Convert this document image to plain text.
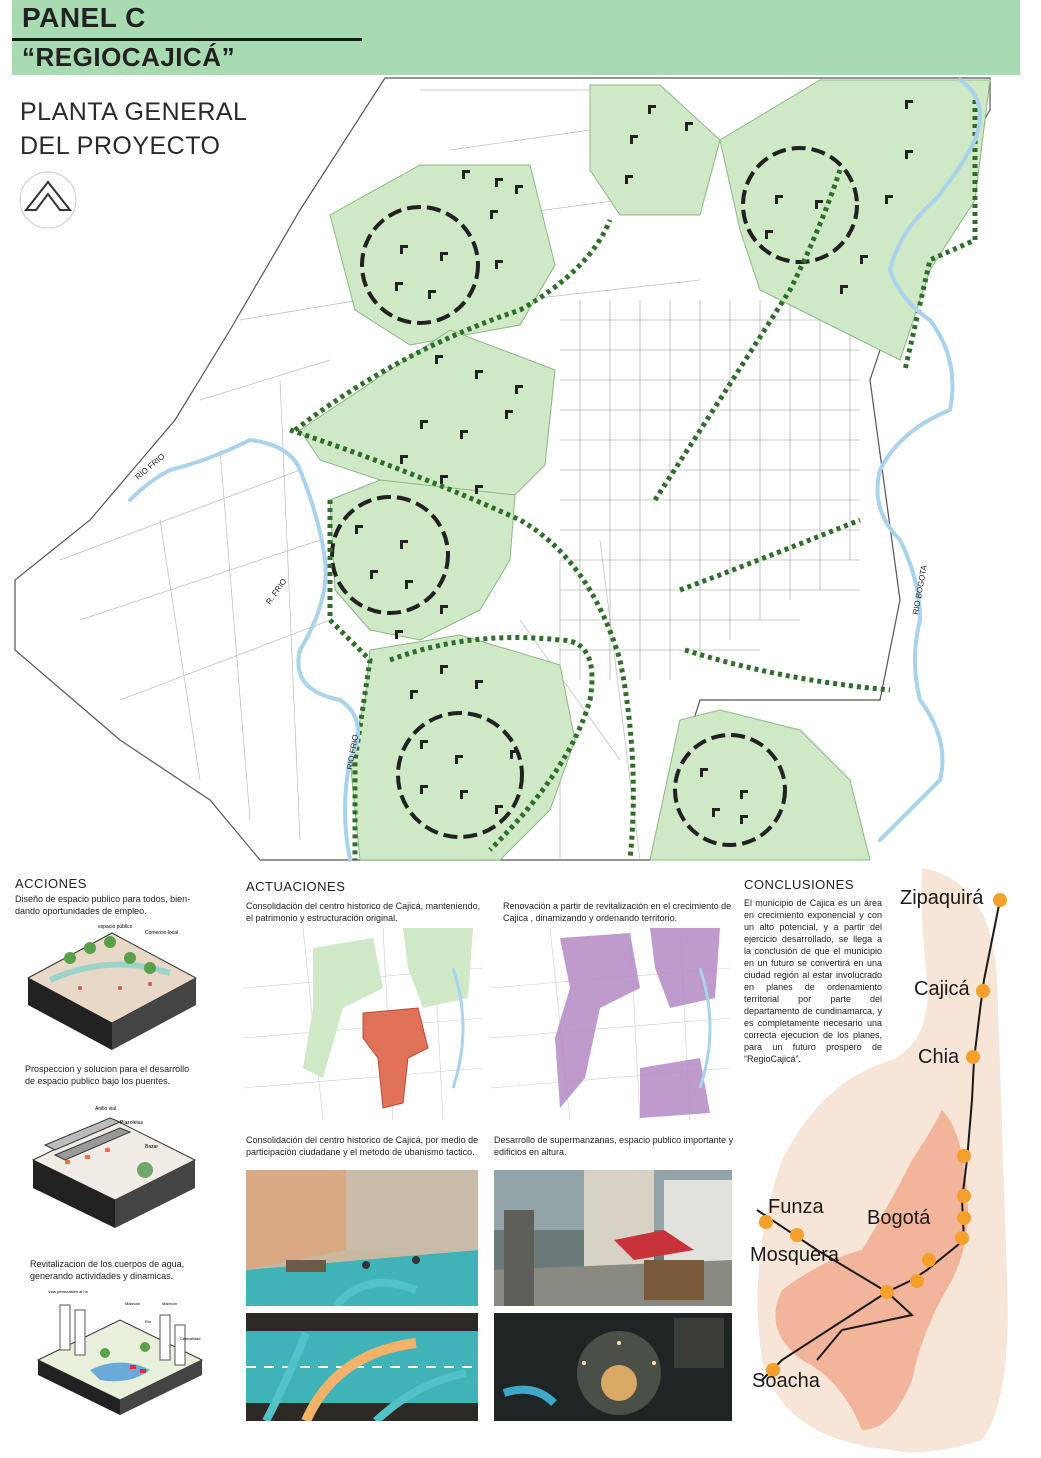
PANEL C
“REGIOCAJICÁ”
RIO FRIO
R. FRIO
RIO FRIO
RIO BOGOTA
PLANTA GENERAL
DEL PROYECTO
ACCIONES
Diseño de espacio publico para todos, bien-dando oportunidades de empleo.
espacio público
Comercio local
Prospeccion y solucion para el desarrollo de espacio publico bajo los puentes.
Anillo vial
Plazoletas
Bazar
Revitalizacion de los cuerpos de agua, generando actividades y dinamicas.
Vías permeables al río
Malecón
Río
Malecón
Centralidad
ACTUACIONES
Consolidación del centro historico de Cajicá, manteniendo, el patrimonio y estructuración original.
Renovación a partir de revitalización en el crecimiento de Cajica , dinamizando y ordenando territorio.
Consolidación del centro historico de Cajicá, por medio de participación ciudadane y el metodo de ubanismo tactico.
Desarrollo de supermanzanas, espacio publico importante y edificios en altura.
CONCLUSIONES
El municipio de Cajica es un área en crecimiento exponencial y con un alto potencial, y a partir del ejercicio desarrollado, se llega a la conclusión de que el municipio en un futuro se convertirá en una ciudad región al estar involucrado en planes de ordenamiento territorial por parte del departamento de cundinamarca, y es completamente necesario una correcta ejecucion de los planes, para un futuro prospero de “RegioCajicá”.
Zipaquirá
Cajicá
Chia
Funza
Mosquera
Bogotá
Soacha
